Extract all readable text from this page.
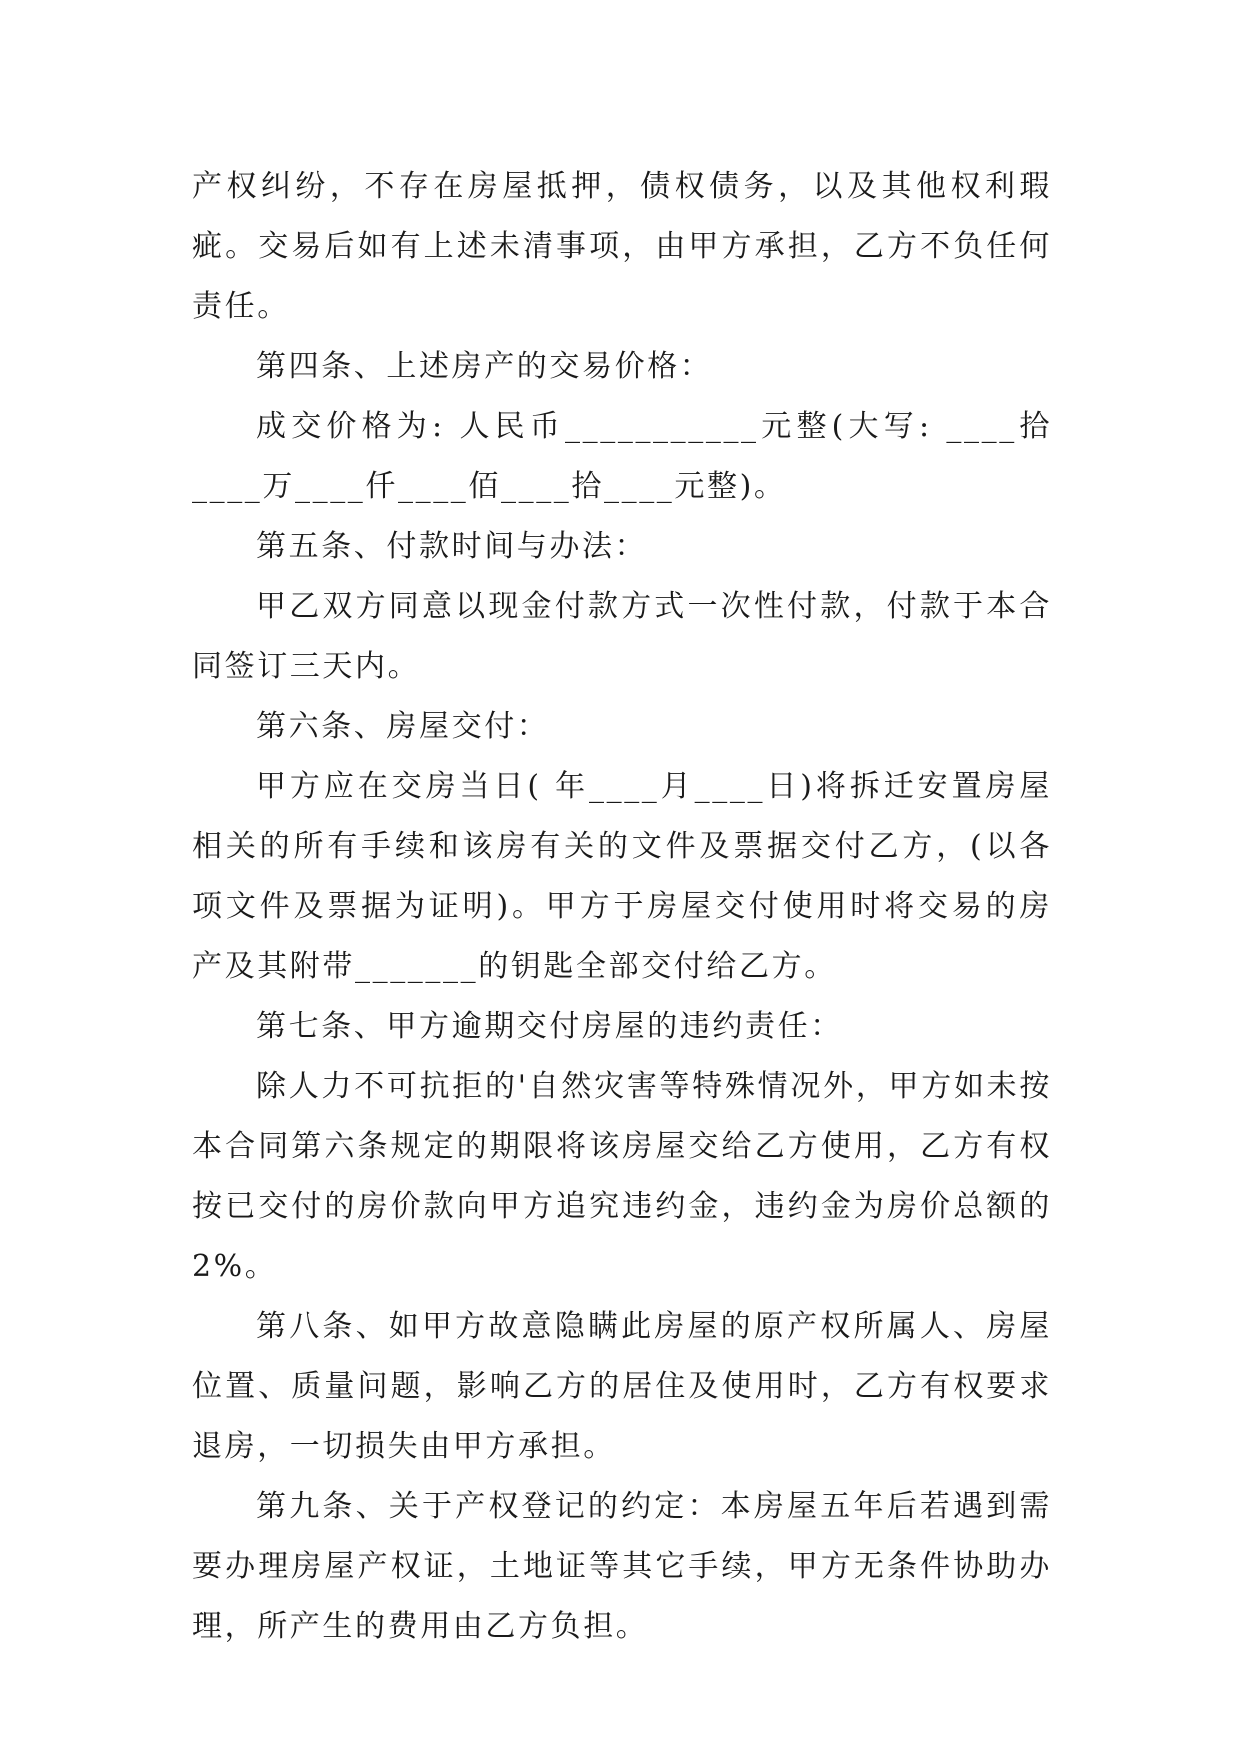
产权纠纷，不存在房屋抵押，债权债务，以及其他权利瑕疵。交易后如有上述未清事项，由甲方承担，乙方不负任何责任。

第四条、上述房产的交易价格：

成交价格为: 人民币___________元整(大写: ____拾____万____仟____佰____拾____元整)。

第五条、付款时间与办法：

甲乙双方同意以现金付款方式一次性付款，付款于本合同签订三天内。

第六条、房屋交付：

甲方应在交房当日( 年____月____日)将拆迁安置房屋相关的所有手续和该房有关的文件及票据交付乙方，(以各项文件及票据为证明)。甲方于房屋交付使用时将交易的房产及其附带_______的钥匙全部交付给乙方。

第七条、甲方逾期交付房屋的违约责任：

除人力不可抗拒的'自然灾害等特殊情况外，甲方如未按本合同第六条规定的期限将该房屋交给乙方使用，乙方有权按已交付的房价款向甲方追究违约金，违约金为房价总额的 2%。

第八条、如甲方故意隐瞒此房屋的原产权所属人、房屋位置、质量问题，影响乙方的居住及使用时，乙方有权要求退房，一切损失由甲方承担。

第九条、关于产权登记的约定：本房屋五年后若遇到需要办理房屋产权证，土地证等其它手续，甲方无条件协助办理，所产生的费用由乙方负担。
